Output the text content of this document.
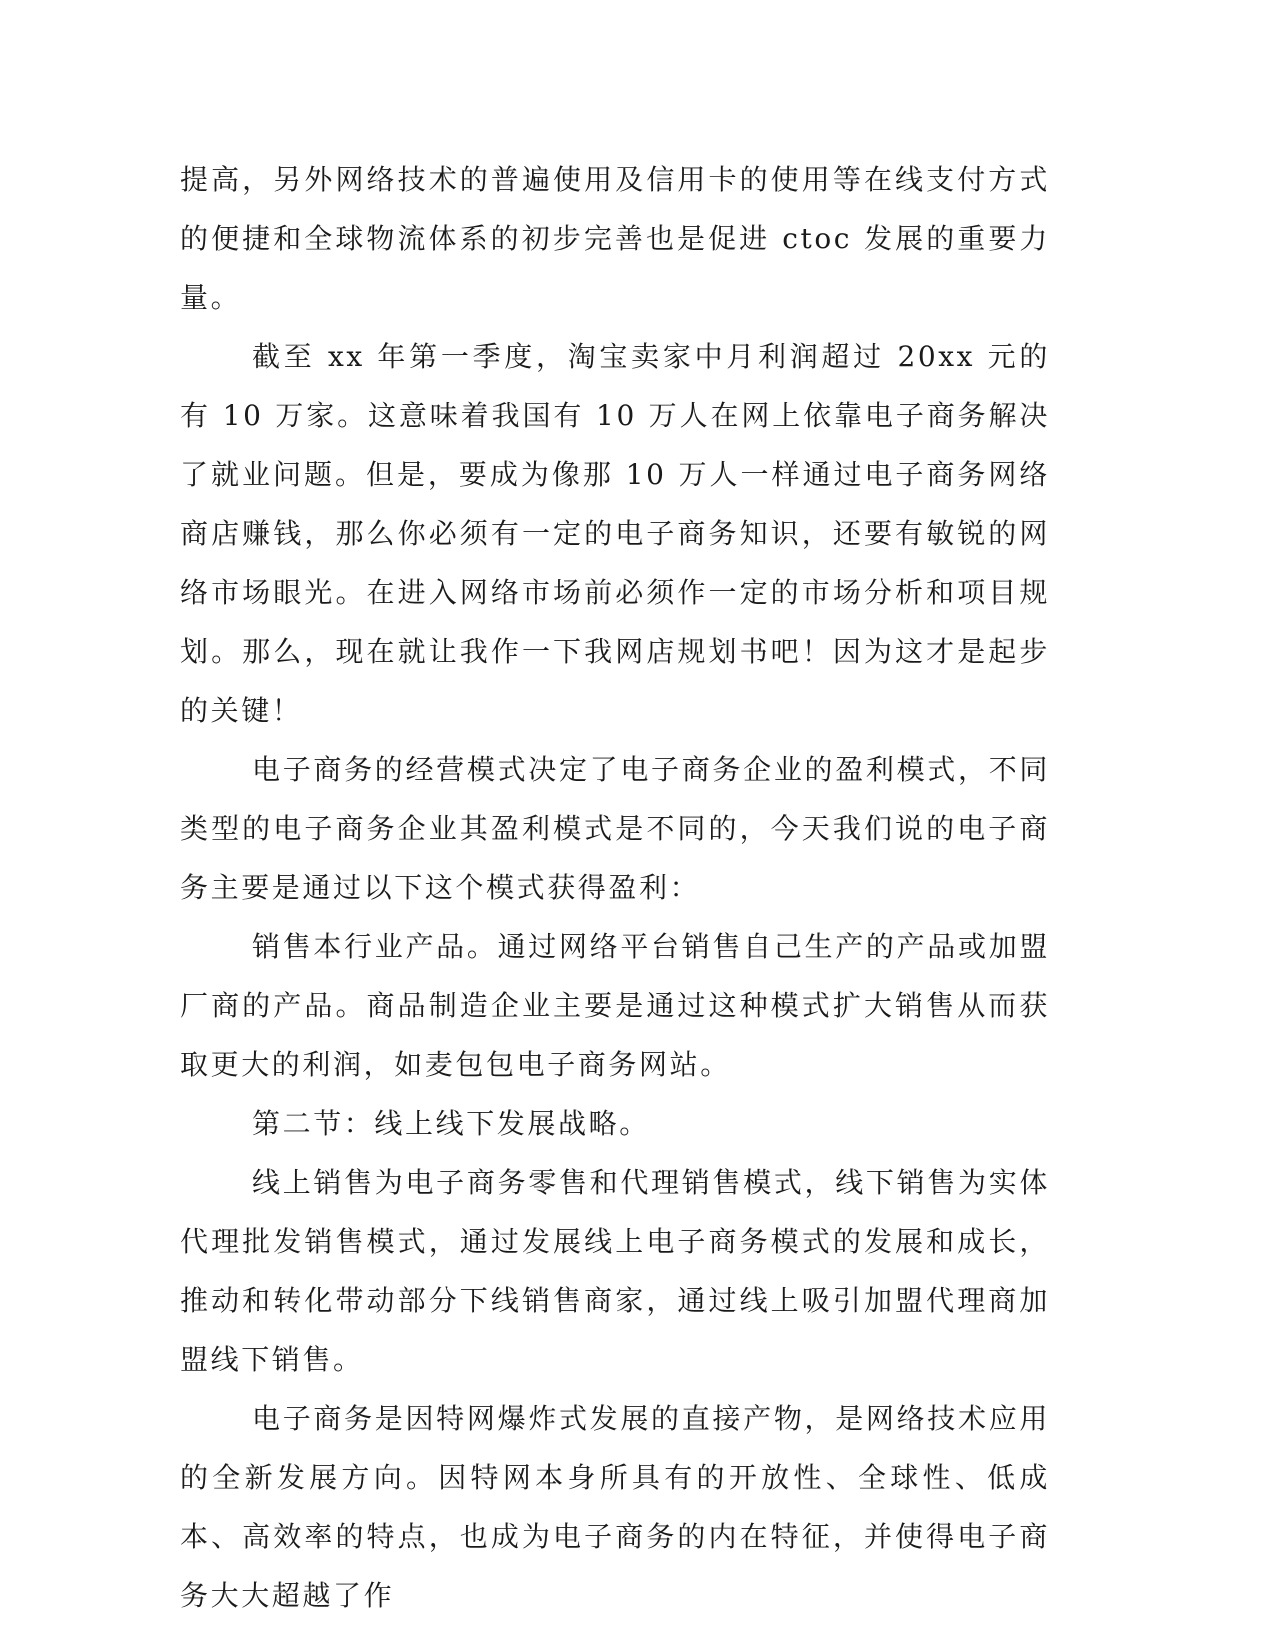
提高，另外网络技术的普遍使用及信用卡的使用等在线支付方式的便捷和全球物流体系的初步完善也是促进 ctoc 发展的重要力量。

截至 xx 年第一季度，淘宝卖家中月利润超过 20xx 元的有 10 万家。这意味着我国有 10 万人在网上依靠电子商务解决了就业问题。但是，要成为像那 10 万人一样通过电子商务网络商店赚钱，那么你必须有一定的电子商务知识，还要有敏锐的网络市场眼光。在进入网络市场前必须作一定的市场分析和项目规划。那么，现在就让我作一下我网店规划书吧！因为这才是起步的关键！

电子商务的经营模式决定了电子商务企业的盈利模式，不同类型的电子商务企业其盈利模式是不同的，今天我们说的电子商务主要是通过以下这个模式获得盈利：

销售本行业产品。通过网络平台销售自己生产的产品或加盟厂商的产品。商品制造企业主要是通过这种模式扩大销售从而获取更大的利润，如麦包包电子商务网站。

第二节：线上线下发展战略。

线上销售为电子商务零售和代理销售模式，线下销售为实体代理批发销售模式，通过发展线上电子商务模式的发展和成长，推动和转化带动部分下线销售商家，通过线上吸引加盟代理商加盟线下销售。

电子商务是因特网爆炸式发展的直接产物，是网络技术应用的全新发展方向。因特网本身所具有的开放性、全球性、低成本、高效率的特点，也成为电子商务的内在特征，并使得电子商务大大超越了作
